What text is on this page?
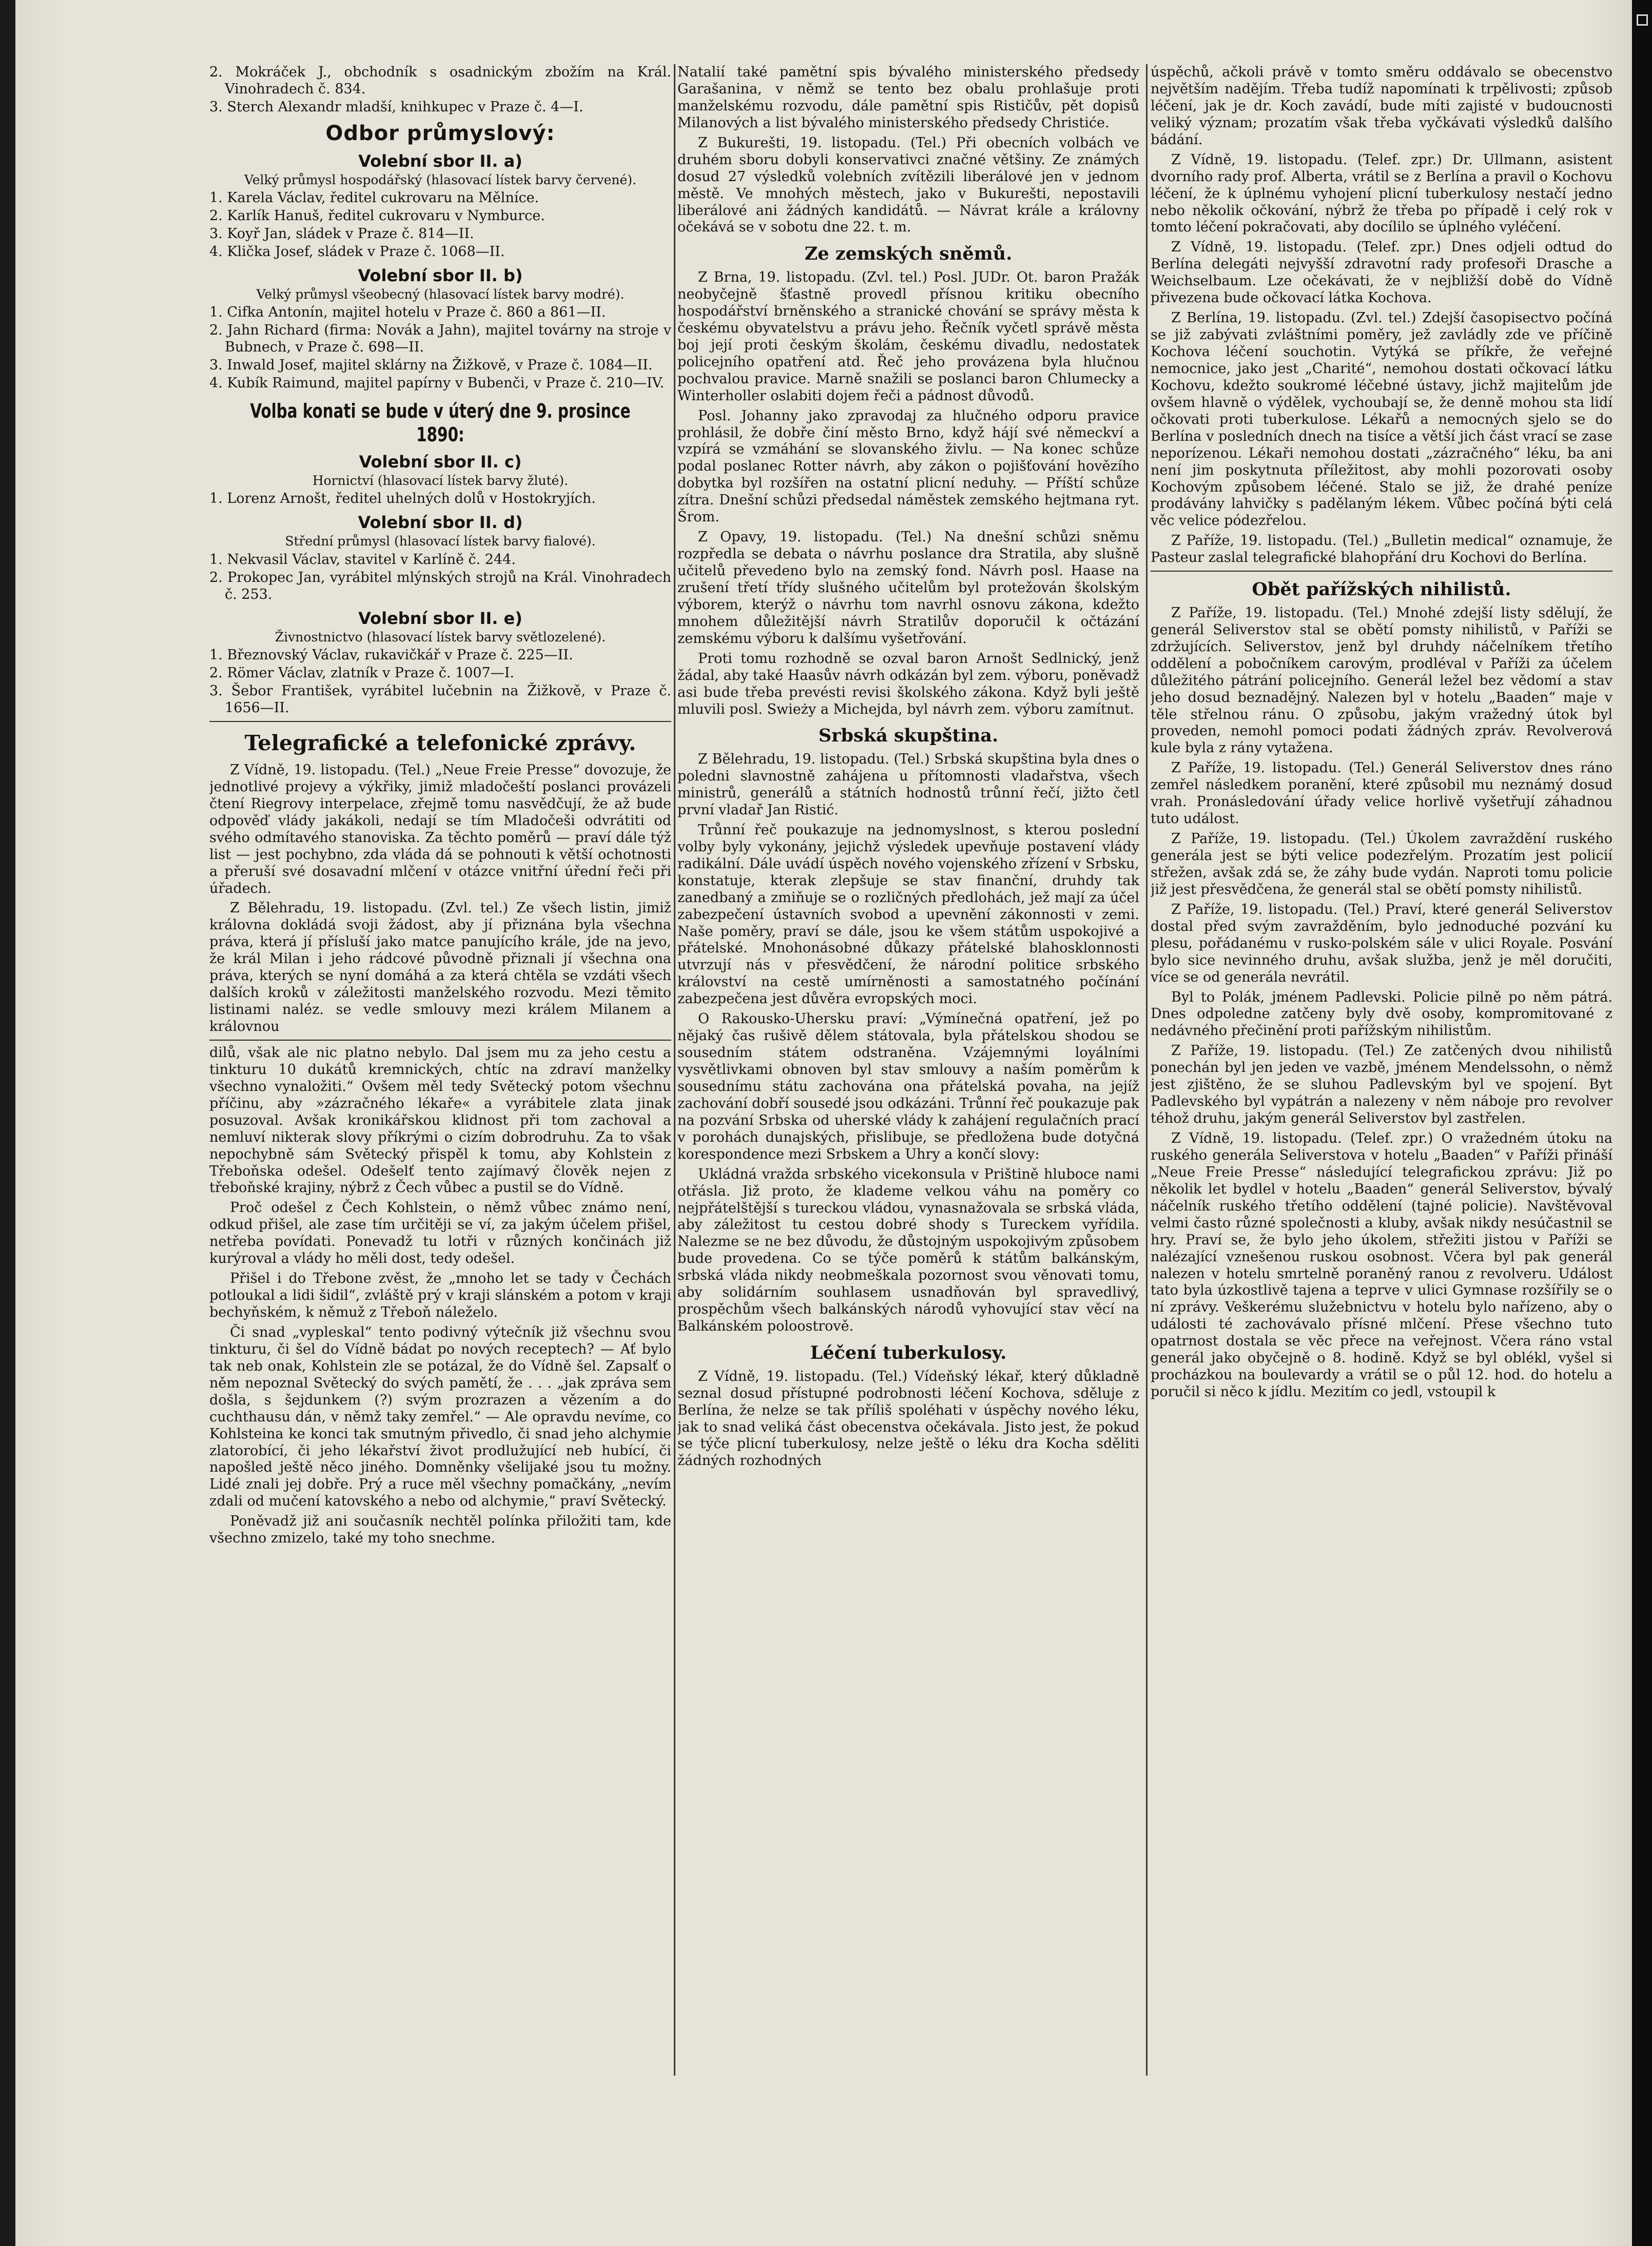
2. Mokráček J., obchodník s osadnickým zbožím na Král. Vinohradech č. 834.
3. Sterch Alexandr mladší, knihkupec v Praze č. 4—I.
Odbor průmyslový:
Volební sbor II. a)
Velký průmysl hospodářský (hlasovací lístek barvy červené).
1. Karela Václav, ředitel cukrovaru na Mělníce.
2. Karlík Hanuš, ředitel cukrovaru v Nymburce.
3. Koyř Jan, sládek v Praze č. 814—II.
4. Klička Josef, sládek v Praze č. 1068—II.
Volební sbor II. b)
Velký průmysl všeobecný (hlasovací lístek barvy modré).
1. Cifka Antonín, majitel hotelu v Praze č. 860 a 861—II.
2. Jahn Richard (firma: Novák a Jahn), majitel továrny na stroje v Bubnech, v Praze č. 698—II.
3. Inwald Josef, majitel sklárny na Žižkově, v Praze č. 1084—II.
4. Kubík Raimund, majitel papírny v Bubenči, v Praze č. 210—IV.
Volba konati se bude v úterý dne 9. prosince 1890:
Volební sbor II. c)
Hornictví (hlasovací lístek barvy žluté).
1. Lorenz Arnošt, ředitel uhelných dolů v Hostokryjích.
Volební sbor II. d)
Střední průmysl (hlasovací lístek barvy fialové).
1. Nekvasil Václav, stavitel v Karlíně č. 244.
2. Prokopec Jan, vyrábitel mlýnských strojů na Král. Vinohradech č. 253.
Volební sbor II. e)
Živnostnictvo (hlasovací lístek barvy světlozelené).
1. Březnovský Václav, rukavičkář v Praze č. 225—II.
2. Römer Václav, zlatník v Praze č. 1007—I.
3. Šebor František, vyrábitel lučebnin na Žižkově, v Praze č. 1656—II.
Telegrafické a telefonické zprávy.

Z Vídně, 19. listopadu. (Tel.) „Neue Freie Presse“ dovozuje, že jednotlivé projevy a výkřiky, jimiž mladočeští poslanci provázeli čtení Riegrovy interpelace, zřejmě tomu nasvědčují, že až bude odpověď vlády jakákoli, nedají se tím Mladočeši odvrátiti od svého odmítavého stanoviska. Za těchto poměrů — praví dále týž list — jest pochybno, zda vláda dá se pohnouti k větší ochotnosti a přeruší své dosavadní mlčení v otázce vnitřní úřední řeči při úřadech.

Z Bělehradu, 19. listopadu. (Zvl. tel.) Ze všech listin, jimiž královna dokládá svoji žádost, aby jí přiznána byla všechna práva, která jí přísluší jako matce panujícího krále, jde na jevo, že král Milan i jeho rádcové původně přiznali jí všechna ona práva, kterých se nyní domáhá a za která chtěla se vzdáti všech dalších kroků v záležitosti manželského rozvodu. Mezi těmito listinami naléz. se vedle smlouvy mezi králem Milanem a královnou

dilů, však ale nic platno nebylo. Dal jsem mu za jeho cestu a tinkturu 10 dukátů kremnických, chtíc na zdraví manželky všechno vynaložiti.“ Ovšem měl tedy Světecký potom všechnu příčinu, aby »zázračného lékaře« a vyrábitele zlata jinak posuzoval. Avšak kronikářskou klidnost při tom zachoval a nemluví nikterak slovy příkrými o cizím dobrodruhu. Za to však nepochybně sám Světecký přispěl k tomu, aby Kohlstein z Třeboňska odešel. Odešelť tento zajímavý člověk nejen z třeboňské krajiny, nýbrž z Čech vůbec a pustil se do Vídně.

Proč odešel z Čech Kohlstein, o němž vůbec známo není, odkud přišel, ale zase tím určitěji se ví, za jakým účelem přišel, netřeba povídati. Ponevadž tu lotři v různých končinách již kurýroval a vlády ho měli dost, tedy odešel.

Přišel i do Třebone zvěst, že „mnoho let se tady v Čechách potloukal a lidi šidil“, zvláště prý v kraji slánském a potom v kraji bechyňském, k němuž z Třeboň náleželo.

Či snad „vypleskal“ tento podivný výtečník již všechnu svou tinkturu, či šel do Vídně bádat po nových receptech? — Ať bylo tak neb onak, Kohlstein zle se potázal, že do Vídně šel. Zapsalť o něm nepoznal Světecký do svých pamětí, že . . . „jak zpráva sem došla, s šejdunkem (?) svým prozrazen a vězením a do cuchthausu dán, v němž taky zemřel.“ — Ale opravdu nevíme, co Kohlsteina ke konci tak smutným přivedlo, či snad jeho alchymie zlatorobící, či jeho lékařství život prodlužující neb hubící, či napošled ještě něco jiného. Domněnky všelijaké jsou tu možny. Lidé znali jej dobře. Prý a ruce měl všechny pomačkány, „nevím zdali od mučení katovského a nebo od alchymie,“ praví Světecký.

Poněvadž již ani současník nechtěl polínka přiložiti tam, kde všechno zmizelo, také my toho snechme.

Natalií také pamětní spis bývalého ministerského předsedy Garašanina, v němž se tento bez obalu prohlašuje proti manželskému rozvodu, dále pamětní spis Rističův, pět dopisů Milanových a list bývalého ministerského předsedy Christiće.

Z Bukurešti, 19. listopadu. (Tel.) Při obecních volbách ve druhém sboru dobyli konservativci značné většiny. Ze známých dosud 27 výsledků volebních zvítězili liberálové jen v jednom městě. Ve mnohých městech, jako v Bukurešti, nepostavili liberálové ani žádných kandidátů. — Návrat krále a královny očekává se v sobotu dne 22. t. m.

Ze zemských sněmů.

Z Brna, 19. listopadu. (Zvl. tel.) Posl. JUDr. Ot. baron Pražák neobyčejně šťastně provedl přísnou kritiku obecního hospodářství brněnského a stranické chování se správy města k českému obyvatelstvu a právu jeho. Řečník vyčetl správě města boj její proti českým školám, českému divadlu, nedostatek policejního opatření atd. Řeč jeho provázena byla hlučnou pochvalou pravice. Marně snažili se poslanci baron Chlumecky a Winterholler oslabiti dojem řeči a pádnost důvodů.

Posl. Johanny jako zpravodaj za hlučného odporu pravice prohlásil, že dobře činí město Brno, když hájí své německví a vzpírá se vzmáhání se slovanského živlu. — Na konec schůze podal poslanec Rotter návrh, aby zákon o pojišťování hovězího dobytka byl rozšířen na ostatní plicní neduhy. — Příští schůze zítra. Dnešní schůzi předsedal náměstek zemského hejtmana ryt. Šrom.

Z Opavy, 19. listopadu. (Tel.) Na dnešní schůzi sněmu rozpředla se debata o návrhu poslance dra Stratila, aby slušně učitelů převedeno bylo na zemský fond. Návrh posl. Haase na zrušení třetí třídy slušného učitelům byl protežován školským výborem, kterýž o návrhu tom navrhl osnovu zákona, kdežto mnohem důležitější návrh Stratilův doporučil k očtázání zemskému výboru k dalšímu vyšetřování.

Proti tomu rozhodně se ozval baron Arnošt Sedlnický, jenž žádal, aby také Haasův návrh odkázán byl zem. výboru, poněvadž asi bude třeba prevésti revisi školského zákona. Když byli ještě mluvili posl. Swieży a Michejda, byl návrh zem. výboru zamítnut.

Srbská skupština.

Z Bělehradu, 19. listopadu. (Tel.) Srbská skupština byla dnes o poledni slavnostně zahájena u přítomnosti vladařstva, všech ministrů, generálů a státních hodnostů trůnní řečí, jižto četl první vladař Jan Ristić.

Trůnní řeč poukazuje na jednomyslnost, s kterou poslední volby byly vykonány, jejichž výsledek upevňuje postavení vlády radikální. Dále uvádí úspěch nového vojenského zřízení v Srbsku, konstatuje, kterak zlepšuje se stav finanční, druhdy tak zanedbaný a zmiňuje se o rozličných předlohách, jež mají za účel zabezpečení ústavních svobod a upevnění zákonnosti v zemi. Naše poměry, praví se dále, jsou ke všem státům uspokojivé a přátelské. Mnohonásobné důkazy přátelské blahosklonnosti utvrzují nás v přesvědčení, že národní politice srbského království na cestě umírněnosti a samostatného počínání zabezpečena jest důvěra evropských moci.

O Rakousko-Uhersku praví: „Výmínečná opatření, jež po nějaký čas rušivě dělem státovala, byla přátelskou shodou se sousedním státem odstraněna. Vzájemnými loyálními vysvětlivkami obnoven byl stav smlouvy a naším poměrům k sousednímu státu zachována ona přátelská povaha, na jejíž zachování dobří sousedé jsou odkázáni. Trůnní řeč poukazuje pak na pozvání Srbska od uherské vlády k zahájení regulačních prací v porohách dunajských, přislibuje, se předložena bude dotyčná korespondence mezi Srbskem a Uhry a končí slovy:

Ukládná vražda srbského vicekonsula v Prištině hluboce nami otřásla. Již proto, že klademe velkou váhu na poměry co nejpřátelštější s tureckou vládou, vynasnažovala se srbská vláda, aby záležitost tu cestou dobré shody s Tureckem vyřídila. Nalezme se ne bez důvodu, že důstojným uspokojivým způsobem bude provedena. Co se týče poměrů k státům balkánským, srbská vláda nikdy neobmeškala pozornost svou věnovati tomu, aby solidárním souhlasem usnadňován byl spravedlivý, prospěchům všech balkánských národů vyhovující stav věcí na Balkánském poloostrově.

Léčení tuberkulosy.

Z Vídně, 19. listopadu. (Tel.) Vídeňský lékař, který důkladně seznal dosud přístupné podrobnosti léčení Kochova, sděluje z Berlína, že nelze se tak příliš spoléhati v úspěchy nového léku, jak to snad veliká část obecenstva očekávala. Jisto jest, že pokud se týče plicní tuberkulosy, nelze ještě o léku dra Kocha sděliti žádných rozhodných

úspěchů, ačkoli právě v tomto směru oddávalo se obecenstvo největším nadějím. Třeba tudíž napomínati k trpělivosti; způsob léčení, jak je dr. Koch zavádí, bude míti zajisté v budoucnosti veliký význam; prozatím však třeba vyčkávati výsledků dalšího bádání.

Z Vídně, 19. listopadu. (Telef. zpr.) Dr. Ullmann, asistent dvorního rady prof. Alberta, vrátil se z Berlína a pravil o Kochovu léčení, že k úplnému vyhojení plicní tuberkulosy nestačí jedno nebo několik očkování, nýbrž že třeba po případě i celý rok v tomto léčení pokračovati, aby docílilo se úplného vyléčení.

Z Vídně, 19. listopadu. (Telef. zpr.) Dnes odjeli odtud do Berlína delegáti nejvyšší zdravotní rady profesoři Drasche a Weichselbaum. Lze očekávati, že v nejbližší době do Vídně přivezena bude očkovací látka Kochova.

Z Berlína, 19. listopadu. (Zvl. tel.) Zdejší časopisectvo počíná se již zabývati zvláštními poměry, jež zavládly zde ve příčině Kochova léčení souchotin. Vytýká se příkře, že veřejné nemocnice, jako jest „Charité“, nemohou dostati očkovací látku Kochovu, kdežto soukromé léčebné ústavy, jichž majitelům jde ovšem hlavně o výdělek, vychoubají se, že denně mohou sta lidí očkovati proti tuberkulose. Lékařů a nemocných sjelo se do Berlína v posledních dnech na tisíce a větší jich část vrací se zase neporízenou. Lékaři nemohou dostati „zázračného“ léku, ba ani není jim poskytnuta příležitost, aby mohli pozorovati osoby Kochovým způsobem léčené. Stalo se již, že drahé peníze prodávány lahvičky s padělaným lékem. Vůbec počíná býti celá věc velice pódezřelou.

Z Paříže, 19. listopadu. (Tel.) „Bulletin medical“ oznamuje, že Pasteur zaslal telegrafické blahopřání dru Kochovi do Berlína.

Obět pařížských nihilistů.

Z Paříže, 19. listopadu. (Tel.) Mnohé zdejší listy sdělují, že generál Seliverstov stal se obětí pomsty nihilistů, v Paříži se zdržujících. Seliverstov, jenž byl druhdy náčelníkem třetího oddělení a pobočníkem carovým, prodléval v Paříži za účelem důležitého pátrání policejního. Generál ležel bez vědomí a stav jeho dosud beznadějný. Nalezen byl v hotelu „Baaden“ maje v těle střelnou ránu. O způsobu, jakým vražedný útok byl proveden, nemohl pomoci podati žádných zpráv. Revolverová kule byla z rány vytažena.

Z Paříže, 19. listopadu. (Tel.) Generál Seliverstov dnes ráno zemřel následkem poranění, které způsobil mu neznámý dosud vrah. Pronásledování úřady velice horlivě vyšetřují záhadnou tuto událost.

Z Paříže, 19. listopadu. (Tel.) Úkolem zavraždění ruského generála jest se býti velice podezřelým. Prozatím jest policií střežen, avšak zdá se, že záhy bude vydán. Naproti tomu policie již jest přesvědčena, že generál stal se obětí pomsty nihilistů.

Z Paříže, 19. listopadu. (Tel.) Praví, které generál Seliverstov dostal před svým zavražděním, bylo jednoduché pozvání ku plesu, pořádanému v rusko-polském sále v ulici Royale. Posvání bylo sice nevinného druhu, avšak služba, jenž je měl doručiti, více se od generála nevrátil.

Byl to Polák, jménem Padlevski. Policie pilně po něm pátrá. Dnes odpoledne zatčeny byly dvě osoby, kompromitované z nedávného přečinění proti pařížským nihilistům.

Z Paříže, 19. listopadu. (Tel.) Ze zatčených dvou nihilistů ponechán byl jen jeden ve vazbě, jménem Mendelssohn, o němž jest zjištěno, že se sluhou Padlevským byl ve spojení. Byt Padlevského byl vypátrán a nalezeny v něm náboje pro revolver téhož druhu, jakým generál Seliverstov byl zastřelen.

Z Vídně, 19. listopadu. (Telef. zpr.) O vražedném útoku na ruského generála Seliverstova v hotelu „Baaden“ v Paříži přináší „Neue Freie Presse“ následující telegrafickou zprávu: Již po několik let bydlel v hotelu „Baaden“ generál Seliverstov, bývalý náčelník ruského třetího oddělení (tajné policie). Navštěvoval velmi často různé společnosti a kluby, avšak nikdy nesúčastnil se hry. Praví se, že bylo jeho úkolem, střežiti jistou v Paříži se nalézající vznešenou ruskou osobnost. Včera byl pak generál nalezen v hotelu smrtelně poraněný ranou z revolveru. Událost tato byla úzkostlivě tajena a teprve v ulici Gymnase rozšířily se o ní zprávy. Veškerému služebnictvu v hotelu bylo nařízeno, aby o události té zachovávalo přísné mlčení. Přese všechno tuto opatrnost dostala se věc přece na veřejnost. Včera ráno vstal generál jako obyčejně o 8. hodině. Když se byl oblékl, vyšel si procházkou na boulevardy a vrátil se o půl 12. hod. do hotelu a poručil si něco k jídlu. Mezitím co jedl, vstoupil k
